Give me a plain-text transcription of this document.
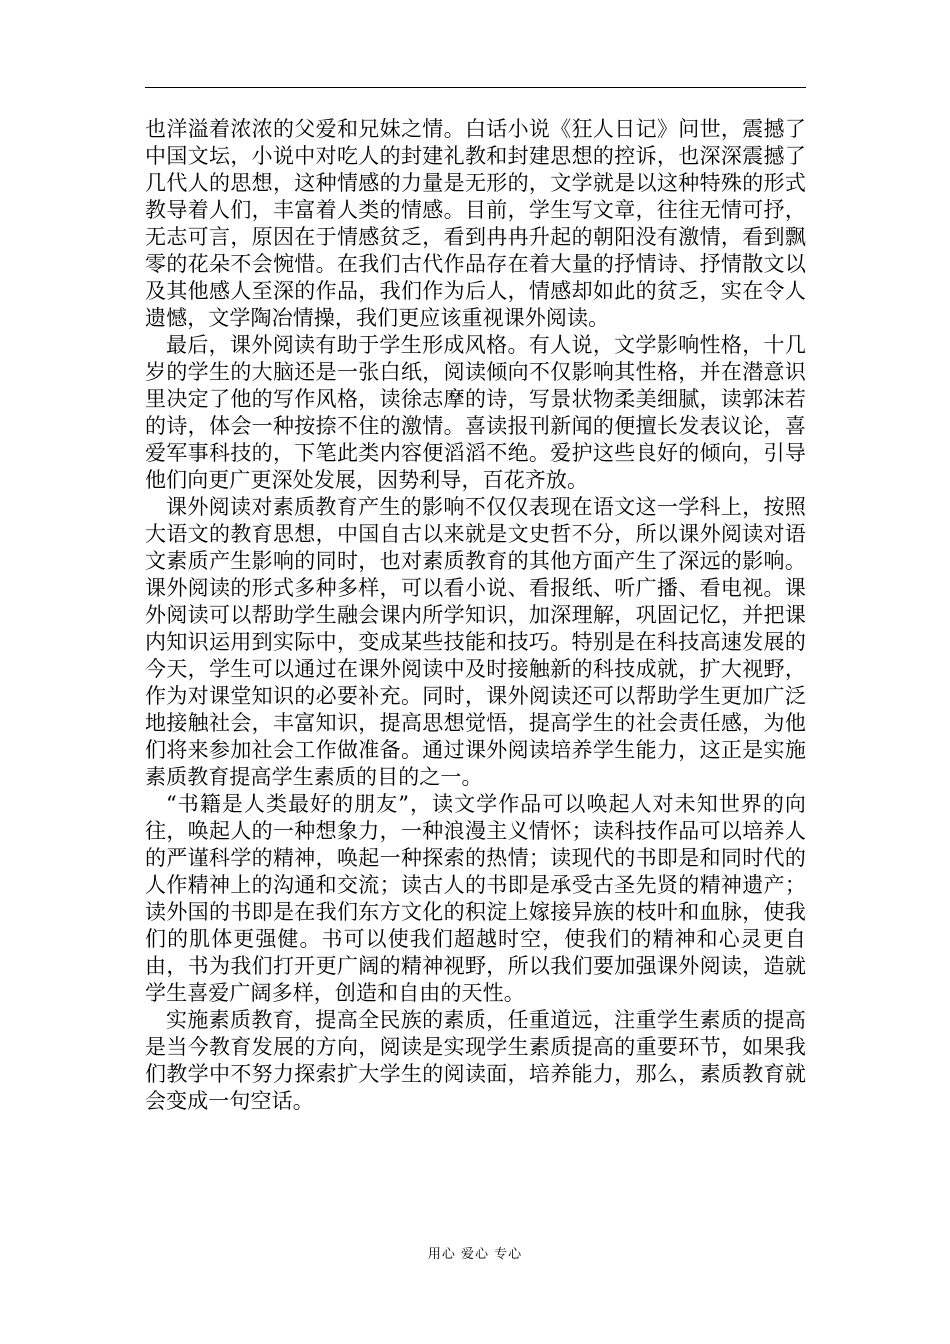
也洋溢着浓浓的父爱和兄妹之情。白话小说《狂人日记》问世，震撼了中国文坛，小说中对吃人的封建礼教和封建思想的控诉，也深深震撼了几代人的思想，这种情感的力量是无形的，文学就是以这种特殊的形式教导着人们，丰富着人类的情感。目前，学生写文章，往往无情可抒，无志可言，原因在于情感贫乏，看到冉冉升起的朝阳没有激情，看到飘零的花朵不会惋惜。在我们古代作品存在着大量的抒情诗、抒情散文以及其他感人至深的作品，我们作为后人，情感却如此的贫乏，实在令人遗憾，文学陶冶情操，我们更应该重视课外阅读。

最后，课外阅读有助于学生形成风格。有人说，文学影响性格，十几岁的学生的大脑还是一张白纸，阅读倾向不仅影响其性格，并在潜意识里决定了他的写作风格，读徐志摩的诗，写景状物柔美细腻，读郭沫若的诗，体会一种按捺不住的激情。喜读报刊新闻的便擅长发表议论，喜爱军事科技的，下笔此类内容便滔滔不绝。爱护这些良好的倾向，引导他们向更广更深处发展，因势利导，百花齐放。

课外阅读对素质教育产生的影响不仅仅表现在语文这一学科上，按照大语文的教育思想，中国自古以来就是文史哲不分，所以课外阅读对语文素质产生影响的同时，也对素质教育的其他方面产生了深远的影响。课外阅读的形式多种多样，可以看小说、看报纸、听广播、看电视。课外阅读可以帮助学生融会课内所学知识，加深理解，巩固记忆，并把课内知识运用到实际中，变成某些技能和技巧。特别是在科技高速发展的今天，学生可以通过在课外阅读中及时接触新的科技成就，扩大视野，作为对课堂知识的必要补充。同时，课外阅读还可以帮助学生更加广泛地接触社会，丰富知识，提高思想觉悟，提高学生的社会责任感，为他们将来参加社会工作做准备。通过课外阅读培养学生能力，这正是实施素质教育提高学生素质的目的之一。

“书籍是人类最好的朋友”，读文学作品可以唤起人对未知世界的向往，唤起人的一种想象力，一种浪漫主义情怀；读科技作品可以培养人的严谨科学的精神，唤起一种探索的热情；读现代的书即是和同时代的人作精神上的沟通和交流；读古人的书即是承受古圣先贤的精神遗产；读外国的书即是在我们东方文化的积淀上嫁接异族的枝叶和血脉，使我们的肌体更强健。书可以使我们超越时空，使我们的精神和心灵更自由，书为我们打开更广阔的精神视野，所以我们要加强课外阅读，造就学生喜爱广阔多样，创造和自由的天性。

实施素质教育，提高全民族的素质，任重道远，注重学生素质的提高是当今教育发展的方向，阅读是实现学生素质提高的重要环节，如果我们教学中不努力探索扩大学生的阅读面，培养能力，那么，素质教育就会变成一句空话。

用心 爱心 专心
